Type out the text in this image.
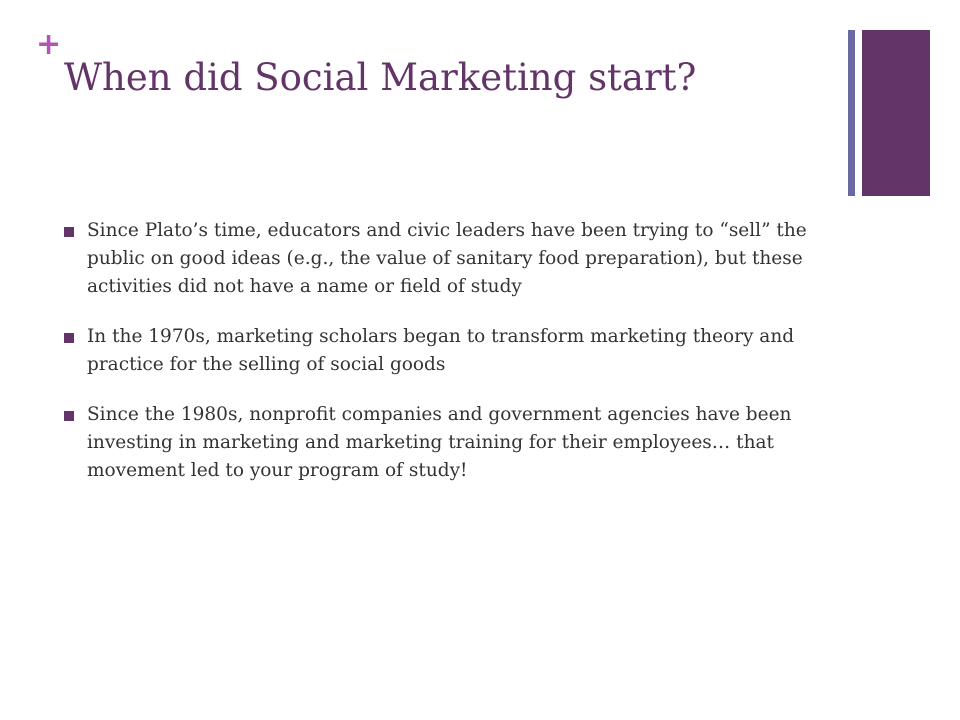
+
When did Social Marketing start?
Since Plato’s time, educators and civic leaders have been trying to “sell” the public on good ideas (e.g., the value of sanitary food preparation), but these activities did not have a name or field of study
In the 1970s, marketing scholars began to transform marketing theory and practice for the selling of social goods
Since the 1980s, nonprofit companies and government agencies have been investing in marketing and marketing training for their employees… that movement led to your program of study!
